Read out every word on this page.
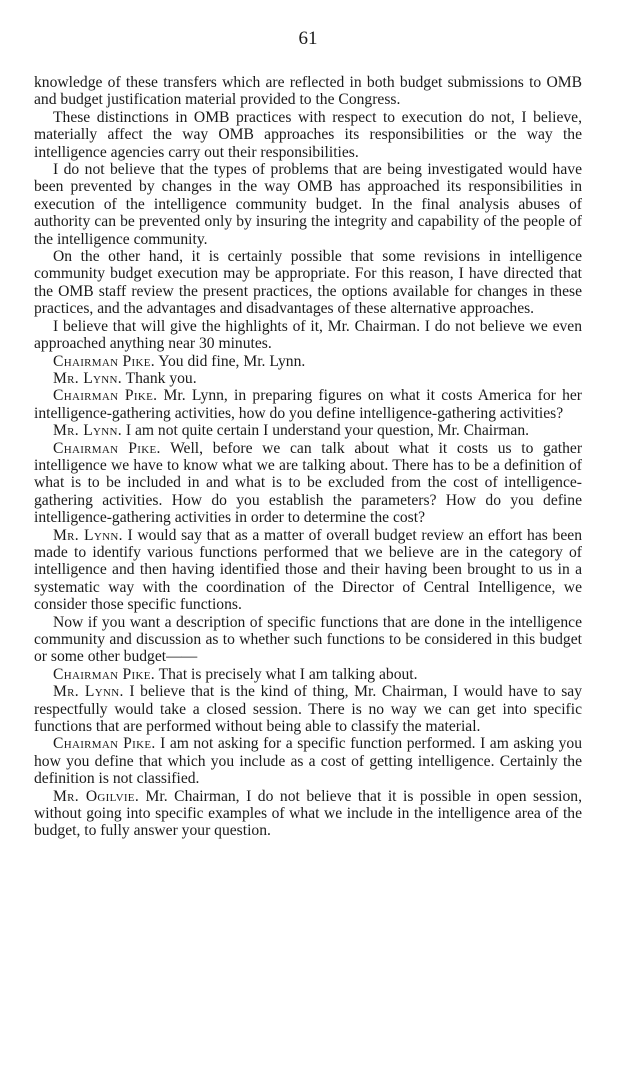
61

knowledge of these transfers which are reflected in both budget submissions to OMB and budget justification material provided to the Congress.

These distinctions in OMB practices with respect to execution do not, I believe, materially affect the way OMB approaches its responsibilities or the way the intelligence agencies carry out their responsibilities.

I do not believe that the types of problems that are being investigated would have been prevented by changes in the way OMB has approached its responsibilities in execution of the intelligence community budget. In the final analysis abuses of authority can be prevented only by insuring the integrity and capability of the people of the intelligence community.

On the other hand, it is certainly possible that some revisions in intelligence community budget execution may be appropriate. For this reason, I have directed that the OMB staff review the present practices, the options available for changes in these practices, and the advantages and disadvantages of these alternative approaches.

I believe that will give the highlights of it, Mr. Chairman. I do not believe we even approached anything near 30 minutes.

Chairman Pike. You did fine, Mr. Lynn.

Mr. Lynn. Thank you.

Chairman Pike. Mr. Lynn, in preparing figures on what it costs America for her intelligence-gathering activities, how do you define intelligence-gathering activities?

Mr. Lynn. I am not quite certain I understand your question, Mr. Chairman.

Chairman Pike. Well, before we can talk about what it costs us to gather intelligence we have to know what we are talking about. There has to be a definition of what is to be included in and what is to be excluded from the cost of intelligence-gathering activities. How do you establish the parameters? How do you define intelligence-gathering activities in order to determine the cost?

Mr. Lynn. I would say that as a matter of overall budget review an effort has been made to identify various functions performed that we believe are in the category of intelligence and then having identified those and their having been brought to us in a systematic way with the coordination of the Director of Central Intelligence, we consider those specific functions.

Now if you want a description of specific functions that are done in the intelligence community and discussion as to whether such functions to be considered in this budget or some other budget——

Chairman Pike. That is precisely what I am talking about.

Mr. Lynn. I believe that is the kind of thing, Mr. Chairman, I would have to say respectfully would take a closed session. There is no way we can get into specific functions that are performed without being able to classify the material.

Chairman Pike. I am not asking for a specific function performed. I am asking you how you define that which you include as a cost of getting intelligence. Certainly the definition is not classified.

Mr. Ogilvie. Mr. Chairman, I do not believe that it is possible in open session, without going into specific examples of what we include in the intelligence area of the budget, to fully answer your question.
